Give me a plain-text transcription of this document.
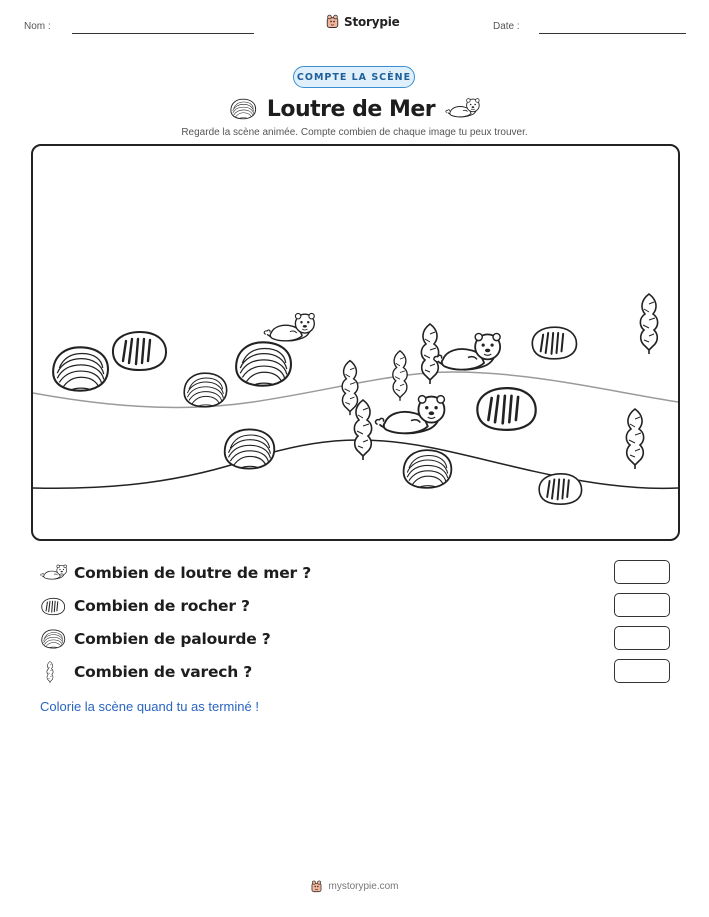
Nom :	Storypie	Date :
COMPTE LA SCÈNE
Loutre de Mer
Regarde la scène animée. Compte combien de chaque image tu peux trouver.
Combien de loutre de mer ?
Combien de rocher ?
Combien de palourde ?
Combien de varech ?
Colorie la scène quand tu as terminé !
mystorypie.com
